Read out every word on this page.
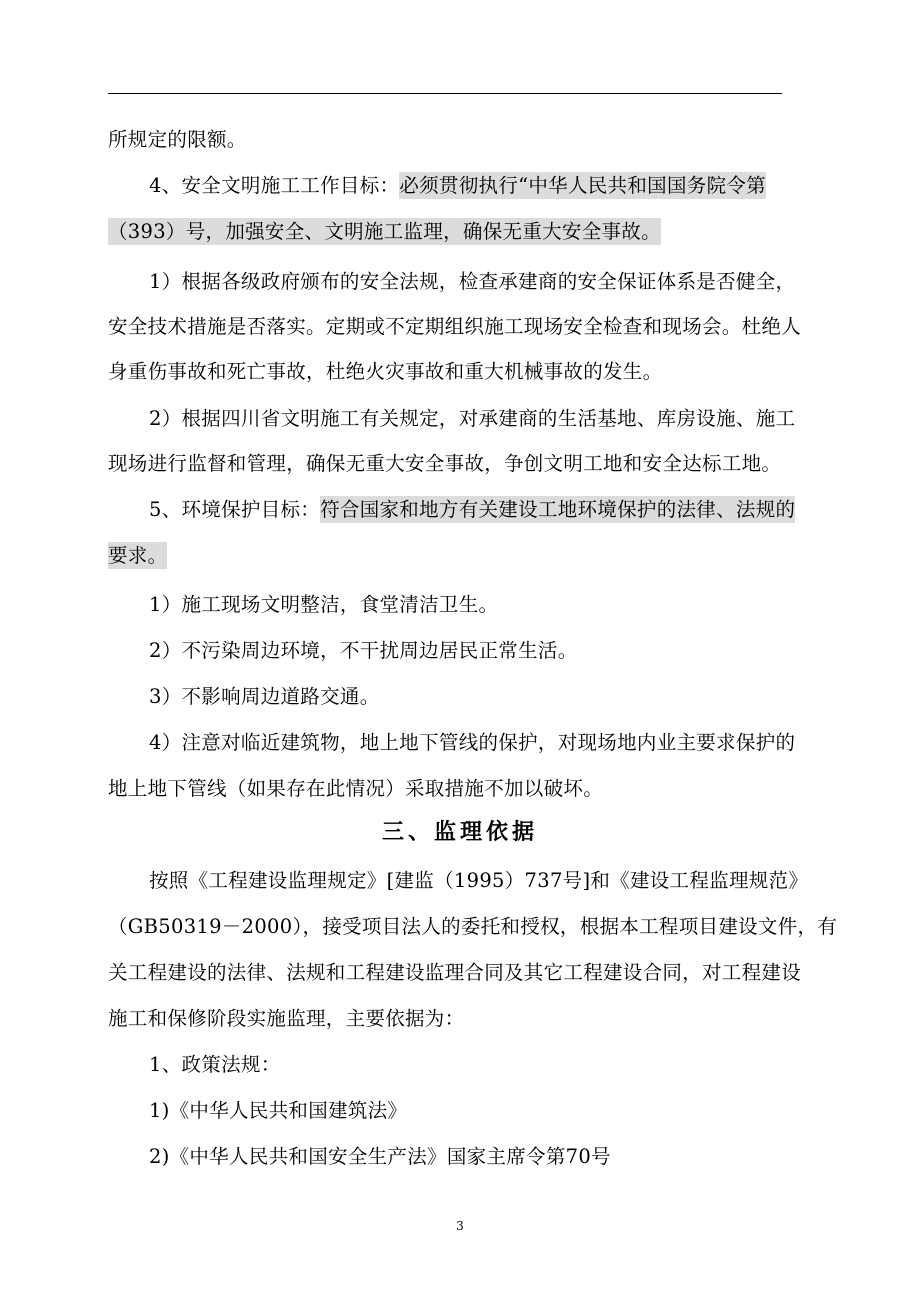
所规定的限额。
4、安全文明施工工作目标：必须贯彻执行“中华人民共和国国务院令第
（393）号，加强安全、文明施工监理，确保无重大安全事故。
1）根据各级政府颁布的安全法规，检查承建商的安全保证体系是否健全，
安全技术措施是否落实。定期或不定期组织施工现场安全检查和现场会。杜绝人
身重伤事故和死亡事故，杜绝火灾事故和重大机械事故的发生。
2）根据四川省文明施工有关规定，对承建商的生活基地、库房设施、施工
现场进行监督和管理，确保无重大安全事故，争创文明工地和安全达标工地。
5、环境保护目标：符合国家和地方有关建设工地环境保护的法律、法规的
要求。
1）施工现场文明整洁，食堂清洁卫生。
2）不污染周边环境，不干扰周边居民正常生活。
3）不影响周边道路交通。
4）注意对临近建筑物，地上地下管线的保护，对现场地内业主要求保护的
地上地下管线（如果存在此情况）采取措施不加以破坏。
三、监理依据
按照《工程建设监理规定》[建监（1995）737号]和《建设工程监理规范》
（GB50319－2000），接受项目法人的委托和授权，根据本工程项目建设文件，有
关工程建设的法律、法规和工程建设监理合同及其它工程建设合同，对工程建设
施工和保修阶段实施监理，主要依据为：
1、政策法规：
1)《中华人民共和国建筑法》
2)《中华人民共和国安全生产法》国家主席令第70号
3
